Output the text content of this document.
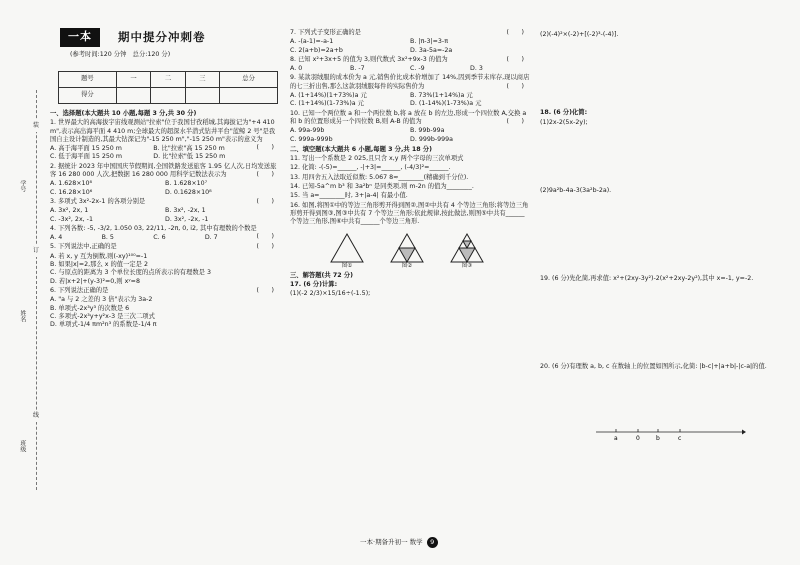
学号
姓名
班级
装
订
线
一本	期中提分冲刺卷
(参考时间:120 分钟　总分:120 分)
题号	一	二	三	总分
得分				
一、选择题(本大题共 10 小题,每题 3 分,共 30 分)
1. 世界最大的高海拔宇宙线观测站"拉索"位于我国甘孜稻城,其海拔记为"+4 410 m",表示高出海平面 4 410 m;全球最大的超深水半潜式钻井平台"蓝鲸 2 号"是我国自主设计制造的,其最大钻深记为"-15 250 m","-15 250 m"表示的意义为
(　　)
A. 高于海平面 15 250 m	B. 比"拉索"高 15 250 m
C. 低于海平面 15 250 m	D. 比"拉索"低 15 250 m
2. 据统计 2023 年中国国庆节假期间,全国铁路发送旅客 1.95 亿人次,日均发送旅客 16 280 000 人次,把数据 16 280 000 用科学记数法表示为	(　　)
A. 1.628×10⁸	B. 1.628×10⁷
C. 16.28×10⁶	D. 0.1628×10⁸
3. 多项式 3x²-2x-1 的各项分别是	(　　)
A. 3x², 2x, 1	B. 3x², -2x, 1
C. -3x², 2x, -1	D. 3x², -2x, -1
4. 下列各数: -5, -3/2, 1.050 03, 22/11, -2π, 0, i2, 其中有理数的个数是
(　　)
A. 4	B. 5	C. 6	D. 7
5. 下列说法中,正确的是	(　　)
A. 若 x, y 互为倒数,则(-xy)¹⁰⁰=-1
B. 如果|x|=2,那么 x 的值一定是 2
C. 与原点的距离为 3 个单位长度的点所表示的有理数是 3
D. 若|x+2|+(y-3)²=0,则 xʸ=8
6. 下列说法正确的是	(　　)
A. "a 与 2 之差的 3 倍"表示为 3a-2
B. 单项式-2x³y³ 的次数是 6
C. 多项式-2x³y+y²x-3 是三次二项式
D. 单项式-1/4 πm²n³ 的系数是-1/4 π
7. 下列式子变形正确的是	(　　)
A. -(a-1)=-a-1	B. |π-3|=3-π
C. 2(a+b)=2a+b	D. 3a-5a=-2a
8. 已知 x²+3x+5 的值为 3,则代数式 3x²+9x-3 的值为	(　　)
A. 0	B. -7	C. -9	D. 3
9. 某款羽绒服的成本价为 a 元,销售价比成本价增加了 14%,因到季节末库存,现以商店的七三折出售,那么这款羽绒服每件的实际售价为	(　　)
A. (1+14%)(1+73%)a 元	B. 73%(1+14%)a 元
C. (1+14%)(1-73%)a 元	D. (1-14%)(1-73%)a 元
10. 已知一个两位数 a 和一个两位数 b,将 a 放在 b 的左边,形成一个四位数 A,交换 a 和 b 的位置形成另一个四位数 B,则 A-B 的值为	(　　)
A. 99a-99b	B. 99b-99a
C. 999a-999b	D. 999b-999a
二、填空题(本大题共 6 小题,每题 3 分,共 18 分)
11. 写出一个系数是 2 025,且只含 x,y 两个字母的三次单项式
12. 化简: -(-5)=______, -|+3|=______, (-4/3)²=______.
13. 用四舍五入法取近似数: 5.067 8≈________(精确到千分位).
14. 已知-5a^m b³ 和 3a²bⁿ 是同类项,则 m-2n 的值为________.
15. 当 a=________时, 3+|a-4| 有最小值.
16. 如图,将图①中的等边三角形剪开得到图②,图②中共有 4 个等边三角形;将等边三角形剪开得到图③,图③中共有 7 个等边三角形;依此规律,按此做法,则图⑤中共有______个等边三角形,图⑥中共有______个等边三角形.
图①	图②	图③
三、解答题(共 72 分)
17. (6 分)计算:
(1)(-2 2/3)×15/16÷(-1.5);
(2)(-4)²×(-2)+[(-2)³-(-4)].
18. (6 分)化简:
(1)2x-2(5x-2y);
(2)9a²b-4a-3(3a²b-2a).
19. (6 分)先化简,再求值: x²+(2xy-3y²)-2(x²+2xy-2y²),其中 x=-1, y=-2.
20. (6 分)有理数 a, b, c 在数轴上的位置如图所示,化简: |b-c|+|a+b|-|c-a|的值.
a	0	b	c
一本·期备升初一 数学	9
